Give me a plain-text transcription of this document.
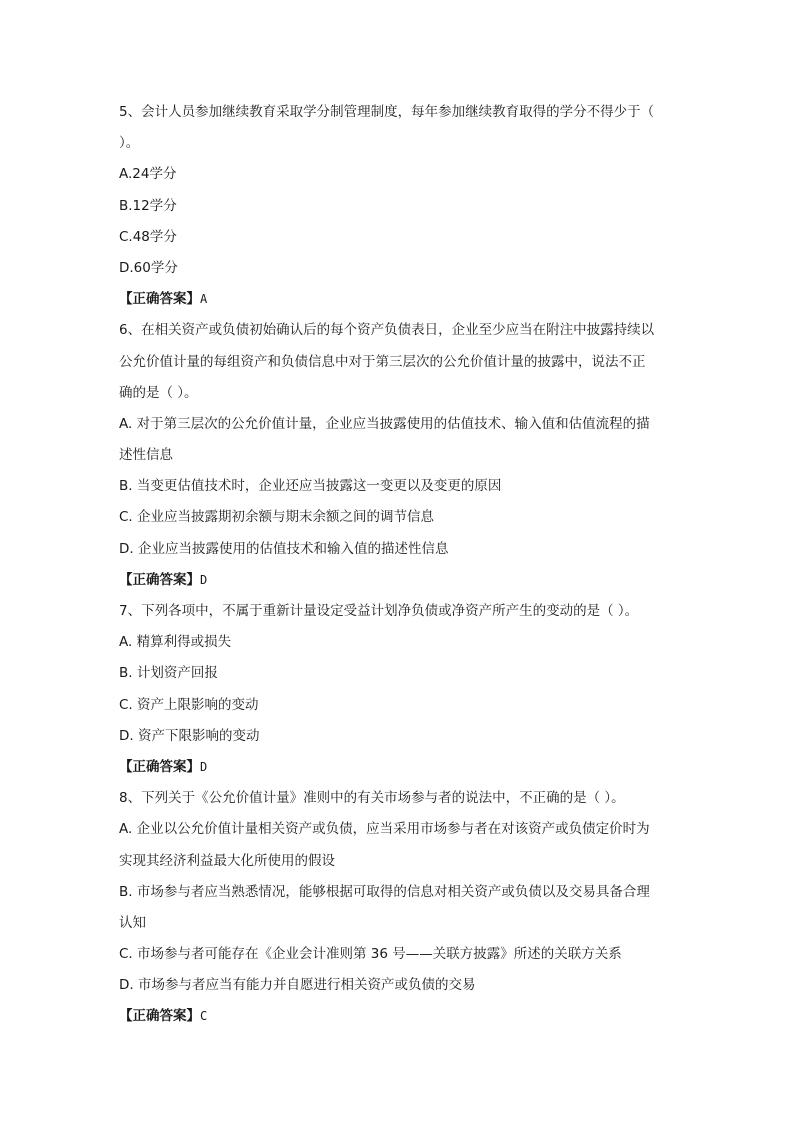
5、会计人员参加继续教育采取学分制管理制度，每年参加继续教育取得的学分不得少于（
）。
A.24学分
B.12学分
C.48学分
D.60学分
【正确答案】A
6、在相关资产或负债初始确认后的每个资产负债表日，企业至少应当在附注中披露持续以
公允价值计量的每组资产和负债信息中对于第三层次的公允价值计量的披露中，说法不正
确的是（ ）。
A. 对于第三层次的公允价值计量，企业应当披露使用的估值技术、输入值和估值流程的描
述性信息
B. 当变更估值技术时，企业还应当披露这一变更以及变更的原因
C. 企业应当披露期初余额与期末余额之间的调节信息
D. 企业应当披露使用的估值技术和输入值的描述性信息
【正确答案】D
7、下列各项中，不属于重新计量设定受益计划净负债或净资产所产生的变动的是（ ）。
A. 精算利得或损失
B. 计划资产回报
C. 资产上限影响的变动
D. 资产下限影响的变动
【正确答案】D
8、下列关于《公允价值计量》准则中的有关市场参与者的说法中，不正确的是（ ）。
A. 企业以公允价值计量相关资产或负债，应当采用市场参与者在对该资产或负债定价时为
实现其经济利益最大化所使用的假设
B. 市场参与者应当熟悉情况，能够根据可取得的信息对相关资产或负债以及交易具备合理
认知
C. 市场参与者可能存在《企业会计准则第 36 号——关联方披露》所述的关联方关系
D. 市场参与者应当有能力并自愿进行相关资产或负债的交易
【正确答案】C
